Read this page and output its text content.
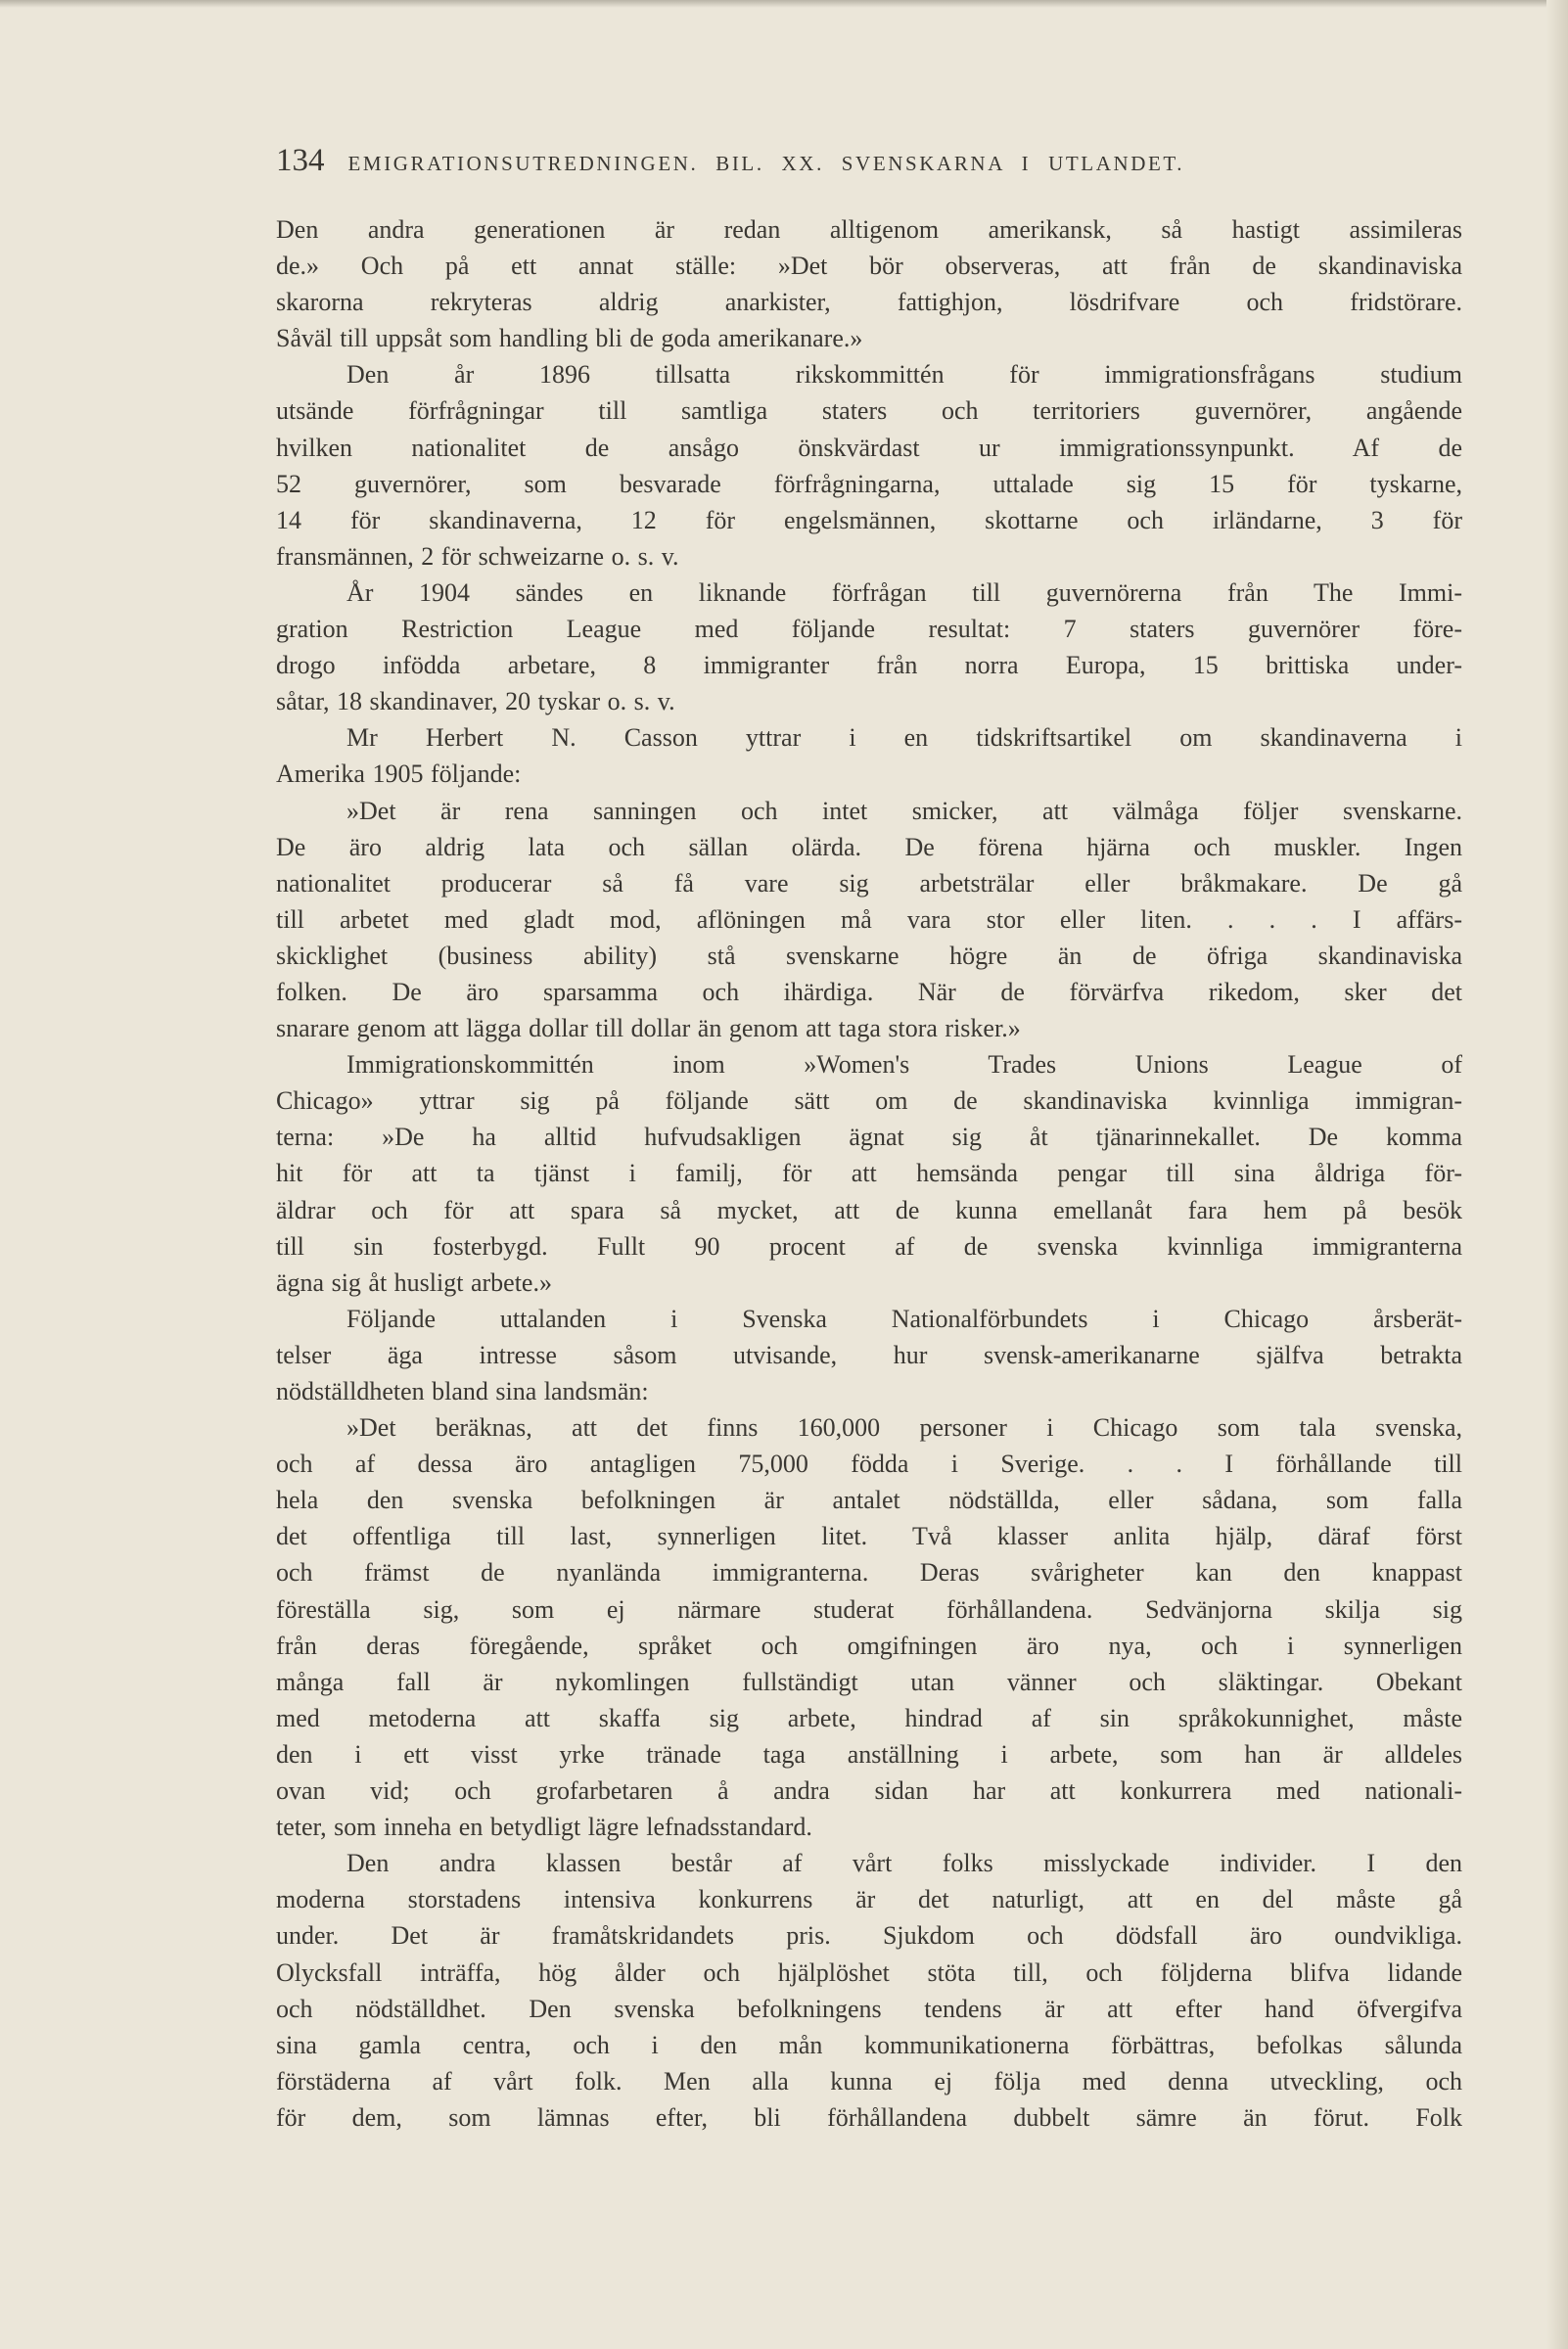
134 EMIGRATIONSUTREDNINGEN. BIL. XX. SVENSKARNA I UTLANDET.
Den andra generationen är redan alltigenom amerikansk, så hastigt assimileras
de.» Och på ett annat ställe: »Det bör observeras, att från de skandinaviska
skarorna rekryteras aldrig anarkister, fattighjon, lösdrifvare och fridstörare.
Såväl till uppsåt som handling bli de goda amerikanare.»
Den år 1896 tillsatta rikskommittén för immigrationsfrågans studium
utsände förfrågningar till samtliga staters och territoriers guvernörer, angående
hvilken nationalitet de ansågo önskvärdast ur immigrationssynpunkt. Af de
52 guvernörer, som besvarade förfrågningarna, uttalade sig 15 för tyskarne,
14 för skandinaverna, 12 för engelsmännen, skottarne och irländarne, 3 för
fransmännen, 2 för schweizarne o. s. v.
År 1904 sändes en liknande förfrågan till guvernörerna från The Immi-
gration Restriction League med följande resultat: 7 staters guvernörer före-
drogo infödda arbetare, 8 immigranter från norra Europa, 15 brittiska under-
såtar, 18 skandinaver, 20 tyskar o. s. v.
Mr Herbert N. Casson yttrar i en tidskriftsartikel om skandinaverna i
Amerika 1905 följande:
»Det är rena sanningen och intet smicker, att välmåga följer svenskarne.
De äro aldrig lata och sällan olärda. De förena hjärna och muskler. Ingen
nationalitet producerar så få vare sig arbetsträlar eller bråkmakare. De gå
till arbetet med gladt mod, aflöningen må vara stor eller liten. . . . I affärs-
skicklighet (business ability) stå svenskarne högre än de öfriga skandinaviska
folken. De äro sparsamma och ihärdiga. När de förvärfva rikedom, sker det
snarare genom att lägga dollar till dollar än genom att taga stora risker.»
Immigrationskommittén inom »Women's Trades Unions League of
Chicago» yttrar sig på följande sätt om de skandinaviska kvinnliga immigran-
terna: »De ha alltid hufvudsakligen ägnat sig åt tjänarinnekallet. De komma
hit för att ta tjänst i familj, för att hemsända pengar till sina åldriga för-
äldrar och för att spara så mycket, att de kunna emellanåt fara hem på besök
till sin fosterbygd. Fullt 90 procent af de svenska kvinnliga immigranterna
ägna sig åt husligt arbete.»
Följande uttalanden i Svenska Nationalförbundets i Chicago årsberät-
telser äga intresse såsom utvisande, hur svensk-amerikanarne själfva betrakta
nödställdheten bland sina landsmän:
»Det beräknas, att det finns 160,000 personer i Chicago som tala svenska,
och af dessa äro antagligen 75,000 födda i Sverige. . . I förhållande till
hela den svenska befolkningen är antalet nödställda, eller sådana, som falla
det offentliga till last, synnerligen litet. Två klasser anlita hjälp, däraf först
och främst de nyanlända immigranterna. Deras svårigheter kan den knappast
föreställa sig, som ej närmare studerat förhållandena. Sedvänjorna skilja sig
från deras föregående, språket och omgifningen äro nya, och i synnerligen
många fall är nykomlingen fullständigt utan vänner och släktingar. Obekant
med metoderna att skaffa sig arbete, hindrad af sin språkokunnighet, måste
den i ett visst yrke tränade taga anställning i arbete, som han är alldeles
ovan vid; och grofarbetaren å andra sidan har att konkurrera med nationali-
teter, som inneha en betydligt lägre lefnadsstandard.
Den andra klassen består af vårt folks misslyckade individer. I den
moderna storstadens intensiva konkurrens är det naturligt, att en del måste gå
under. Det är framåtskridandets pris. Sjukdom och dödsfall äro oundvikliga.
Olycksfall inträffa, hög ålder och hjälplöshet stöta till, och följderna blifva lidande
och nödställdhet. Den svenska befolkningens tendens är att efter hand öfvergifva
sina gamla centra, och i den mån kommunikationerna förbättras, befolkas sålunda
förstäderna af vårt folk. Men alla kunna ej följa med denna utveckling, och
för dem, som lämnas efter, bli förhållandena dubbelt sämre än förut. Folk
